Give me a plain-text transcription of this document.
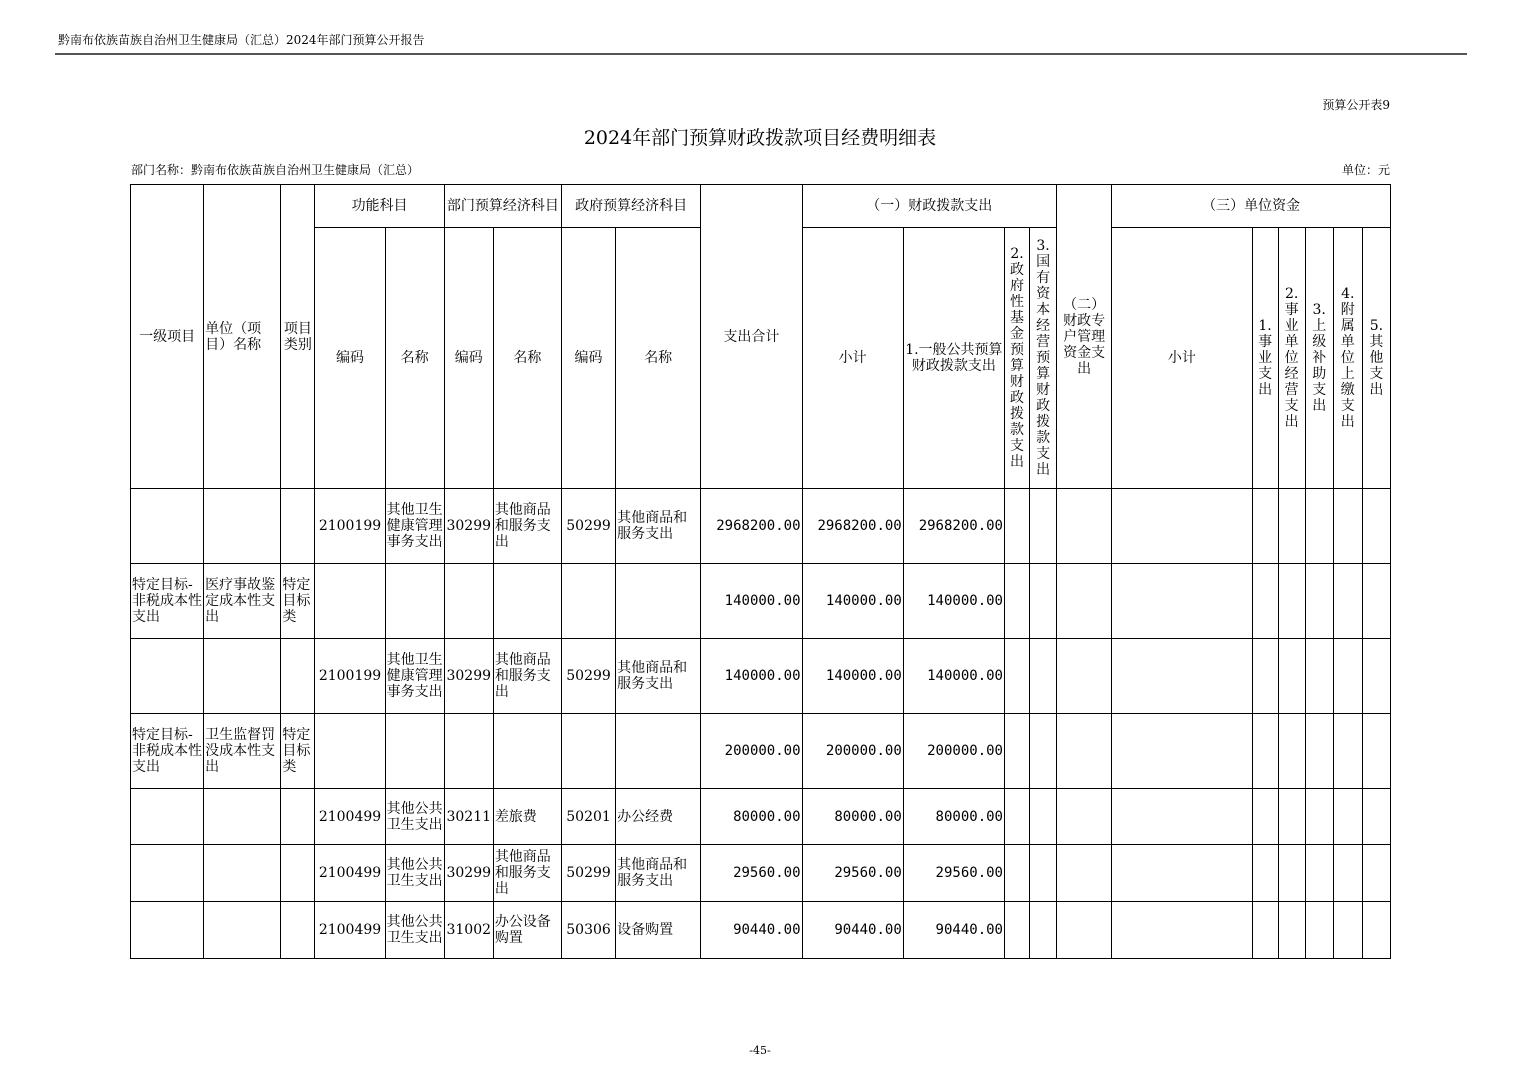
黔南布依族苗族自治州卫生健康局（汇总）2024年部门预算公开报告
预算公开表9
2024年部门预算财政拨款项目经费明细表
部门名称：黔南布依族苗族自治州卫生健康局（汇总）	单位：元
一级项目	单位（项目）名称	项目类别	功能科目		部门预算经济科目		政府预算经济科目		支出合计	（一）财政拨款支出				（二）财政专户管理资金支出	（三）单位资金					
			编码	名称	编码	名称	编码	名称		小计	1.一般公共预算财政拨款支出	2.政府性基金预算财政拨款支出	3.国有资本经营预算财政拨款支出		小计	1.事业支出	2.事业单位经营支出	3.上级补助支出	4.附属单位上缴支出	5.其他支出
			2100199	其他卫生健康管理事务支出	30299	其他商品和服务支出	50299	其他商品和服务支出	2968200.00	2968200.00	2968200.00									
特定目标-非税成本性支出	医疗事故鉴定成本性支出	特定目标类							140000.00	140000.00	140000.00									
			2100199	其他卫生健康管理事务支出	30299	其他商品和服务支出	50299	其他商品和服务支出	140000.00	140000.00	140000.00									
特定目标-非税成本性支出	卫生监督罚没成本性支出	特定目标类							200000.00	200000.00	200000.00									
			2100499	其他公共卫生支出	30211	差旅费	50201	办公经费	80000.00	80000.00	80000.00									
			2100499	其他公共卫生支出	30299	其他商品和服务支出	50299	其他商品和服务支出	29560.00	29560.00	29560.00									
			2100499	其他公共卫生支出	31002	办公设备购置	50306	设备购置	90440.00	90440.00	90440.00									
-45-
